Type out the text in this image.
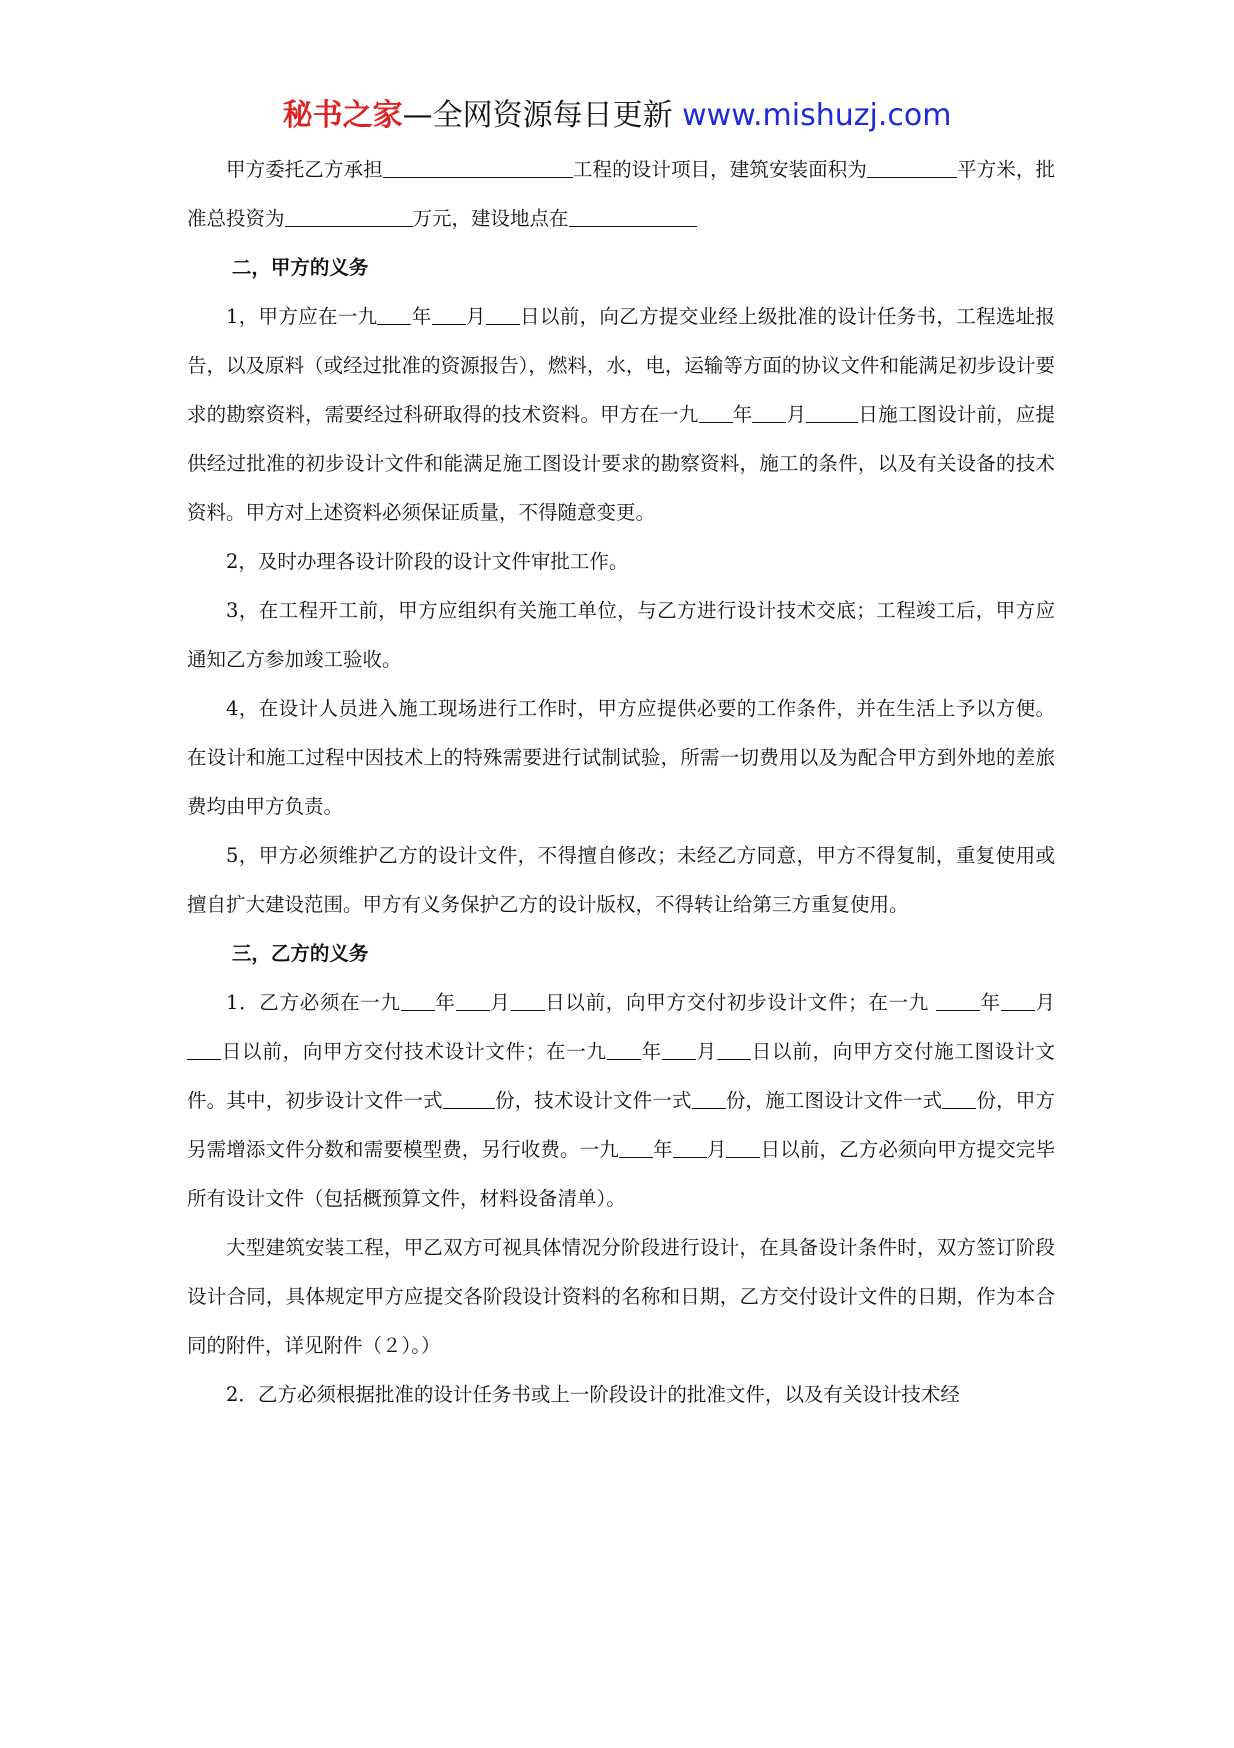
秘书之家—全网资源每日更新 www.mishuzj.com

甲方委托乙方承担	工程的设计项目，建筑安装面积为	平方米，批准总投资为	万元，建设地点在

二，甲方的义务

1，甲方应在一九 年 月 日以前，向乙方提交业经上级批准的设计任务书，工程选址报告，以及原料（或经过批准的资源报告），燃料，水，电，运输等方面的协议文件和能满足初步设计要求的勘察资料，需要经过科研取得的技术资料。甲方在一九 年 月	日施工图设计前，应提供经过批准的初步设计文件和能满足施工图设计要求的勘察资料，施工的条件，以及有关设备的技术资料。甲方对上述资料必须保证质量，不得随意变更。

2，及时办理各设计阶段的设计文件审批工作。

3，在工程开工前，甲方应组织有关施工单位，与乙方进行设计技术交底；工程竣工后，甲方应通知乙方参加竣工验收。

4，在设计人员进入施工现场进行工作时，甲方应提供必要的工作条件，并在生活上予以方便。在设计和施工过程中因技术上的特殊需要进行试制试验，所需一切费用以及为配合甲方到外地的差旅费均由甲方负责。

5，甲方必须维护乙方的设计文件，不得擅自修改；未经乙方同意，甲方不得复制，重复使用或擅自扩大建设范围。甲方有义务保护乙方的设计版权，不得转让给第三方重复使用。

三，乙方的义务

1．乙方必须在一九 年 月 日以前，向甲方交付初步设计文件；在一九 年 月日以前，向甲方交付技术设计文件；在一九 年 月 日以前，向甲方交付施工图设计文件。其中，初步设计文件一式	份，技术设计文件一式 份，施工图设计文件一式 份，甲方另需增添文件分数和需要模型费，另行收费。一九 年 月 日以前，乙方必须向甲方提交完毕所有设计文件（包括概预算文件，材料设备清单）。

大型建筑安装工程，甲乙双方可视具体情况分阶段进行设计，在具备设计条件时，双方签订阶段设计合同，具体规定甲方应提交各阶段设计资料的名称和日期，乙方交付设计文件的日期，作为本合同的附件，详见附件（２）。）

2．乙方必须根据批准的设计任务书或上一阶段设计的批准文件，以及有关设计技术经
